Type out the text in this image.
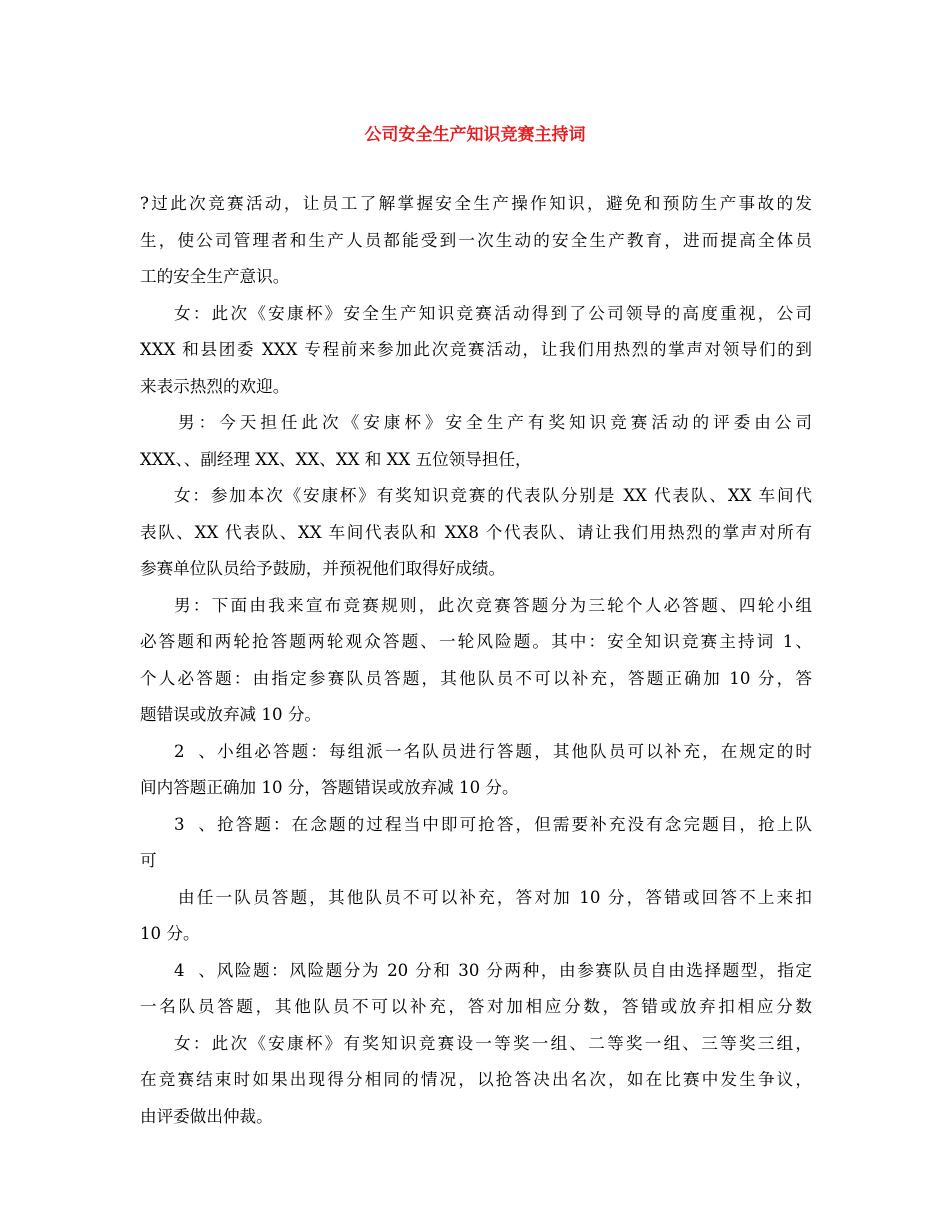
公司安全生产知识竞赛主持词
?过此次竞赛活动，让员工了解掌握安全生产操作知识，避免和预防生产事故的发
生，使公司管理者和生产人员都能受到一次生动的安全生产教育，进而提高全体员
工的安全生产意识。
女：此次《安康杯》安全生产知识竞赛活动得到了公司领导的高度重视，公司
XXX 和县团委 XXX 专程前来参加此次竞赛活动，让我们用热烈的掌声对领导们的到
来表示热烈的欢迎。
男：今天担任此次《安康杯》安全生产有奖知识竞赛活动的评委由公司
XXX、、副经理 XX、XX、XX 和 XX 五位领导担任，
女：参加本次《安康杯》有奖知识竞赛的代表队分别是 XX 代表队、XX 车间代
表队、XX 代表队、XX 车间代表队和 XX8 个代表队、请让我们用热烈的掌声对所有
参赛单位队员给予鼓励，并预祝他们取得好成绩。
男：下面由我来宣布竞赛规则，此次竞赛答题分为三轮个人必答题、四轮小组
必答题和两轮抢答题两轮观众答题、一轮风险题。其中：安全知识竞赛主持词 1、
个人必答题：由指定参赛队员答题，其他队员不可以补充，答题正确加 10 分，答
题错误或放弃减 10 分。
2、小组必答题：每组派一名队员进行答题，其他队员可以补充，在规定的时
间内答题正确加 10 分，答题错误或放弃减 10 分。
3、抢答题：在念题的过程当中即可抢答，但需要补充没有念完题目，抢上队
可
由任一队员答题，其他队员不可以补充，答对加 10 分，答错或回答不上来扣
10 分。
4、风险题：风险题分为 20 分和 30 分两种，由参赛队员自由选择题型，指定
一名队员答题，其他队员不可以补充，答对加相应分数，答错或放弃扣相应分数
女：此次《安康杯》有奖知识竞赛设一等奖一组、二等奖一组、三等奖三组，
在竞赛结束时如果出现得分相同的情况，以抢答决出名次，如在比赛中发生争议，
由评委做出仲裁。
